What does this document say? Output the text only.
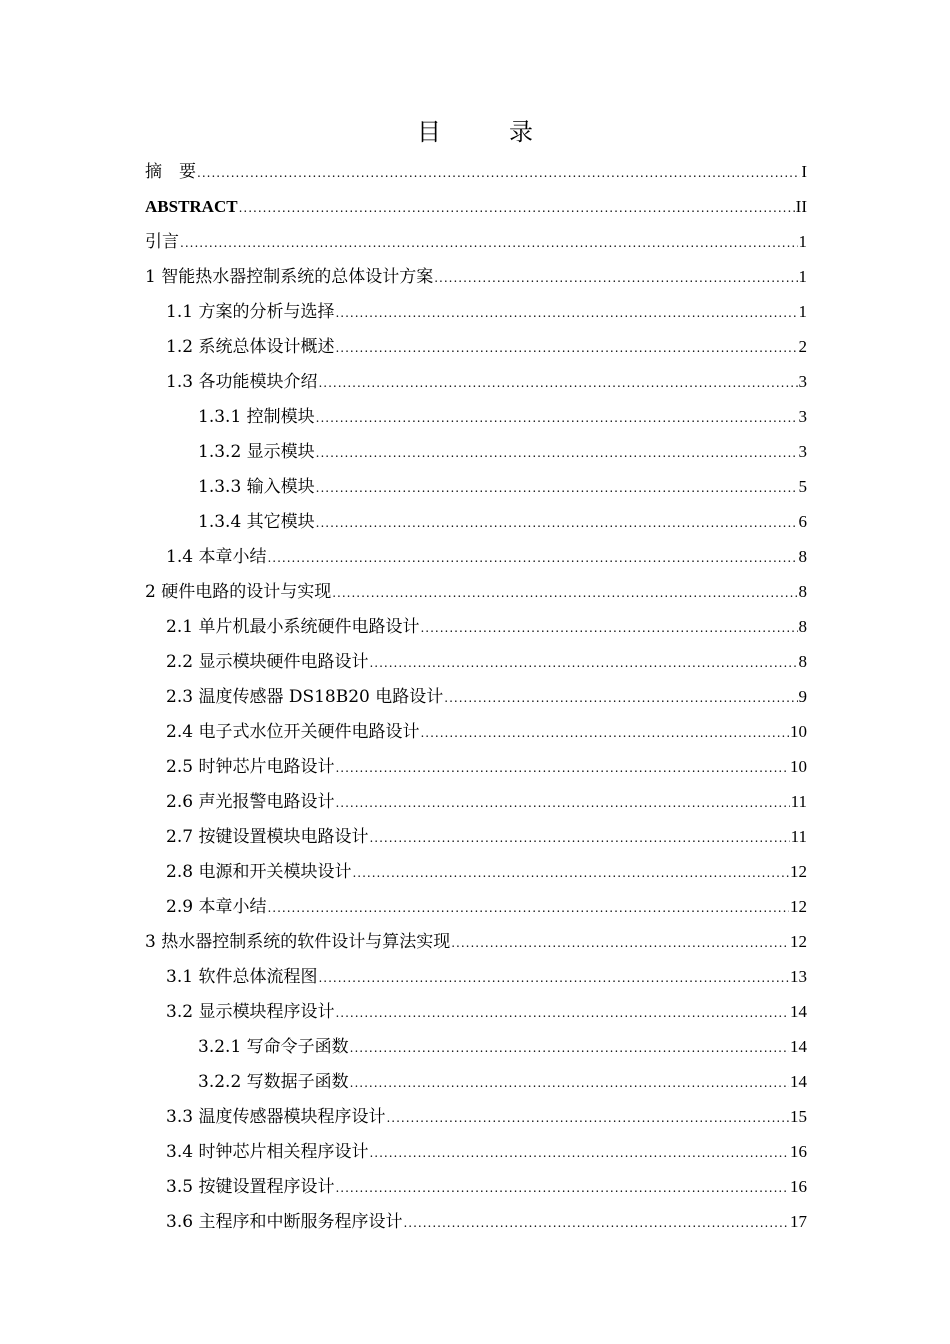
目　录
摘　要 .....	I
ABSTRACT .....	II
引言 .....	1
1 智能热水器控制系统的总体设计方案 .....	1
1.1 方案的分析与选择 .....	1
1.2 系统总体设计概述 .....	2
1.3 各功能模块介绍 .....	3
1.3.1 控制模块 .....	3
1.3.2 显示模块 .....	3
1.3.3 输入模块 .....	5
1.3.4 其它模块 .....	6
1.4 本章小结 .....	8
2 硬件电路的设计与实现 .....	8
2.1 单片机最小系统硬件电路设计 .....	8
2.2 显示模块硬件电路设计 .....	8
2.3 温度传感器 DS18B20 电路设计 .....	9
2.4 电子式水位开关硬件电路设计 .....	10
2.5 时钟芯片电路设计 .....	10
2.6 声光报警电路设计 .....	11
2.7 按键设置模块电路设计 .....	11
2.8 电源和开关模块设计 .....	12
2.9 本章小结 .....	12
3 热水器控制系统的软件设计与算法实现 .....	12
3.1 软件总体流程图 .....	13
3.2 显示模块程序设计 .....	14
3.2.1 写命令子函数 .....	14
3.2.2 写数据子函数 .....	14
3.3 温度传感器模块程序设计 .....	15
3.4 时钟芯片相关程序设计 .....	16
3.5 按键设置程序设计 .....	16
3.6 主程序和中断服务程序设计 .....	17
